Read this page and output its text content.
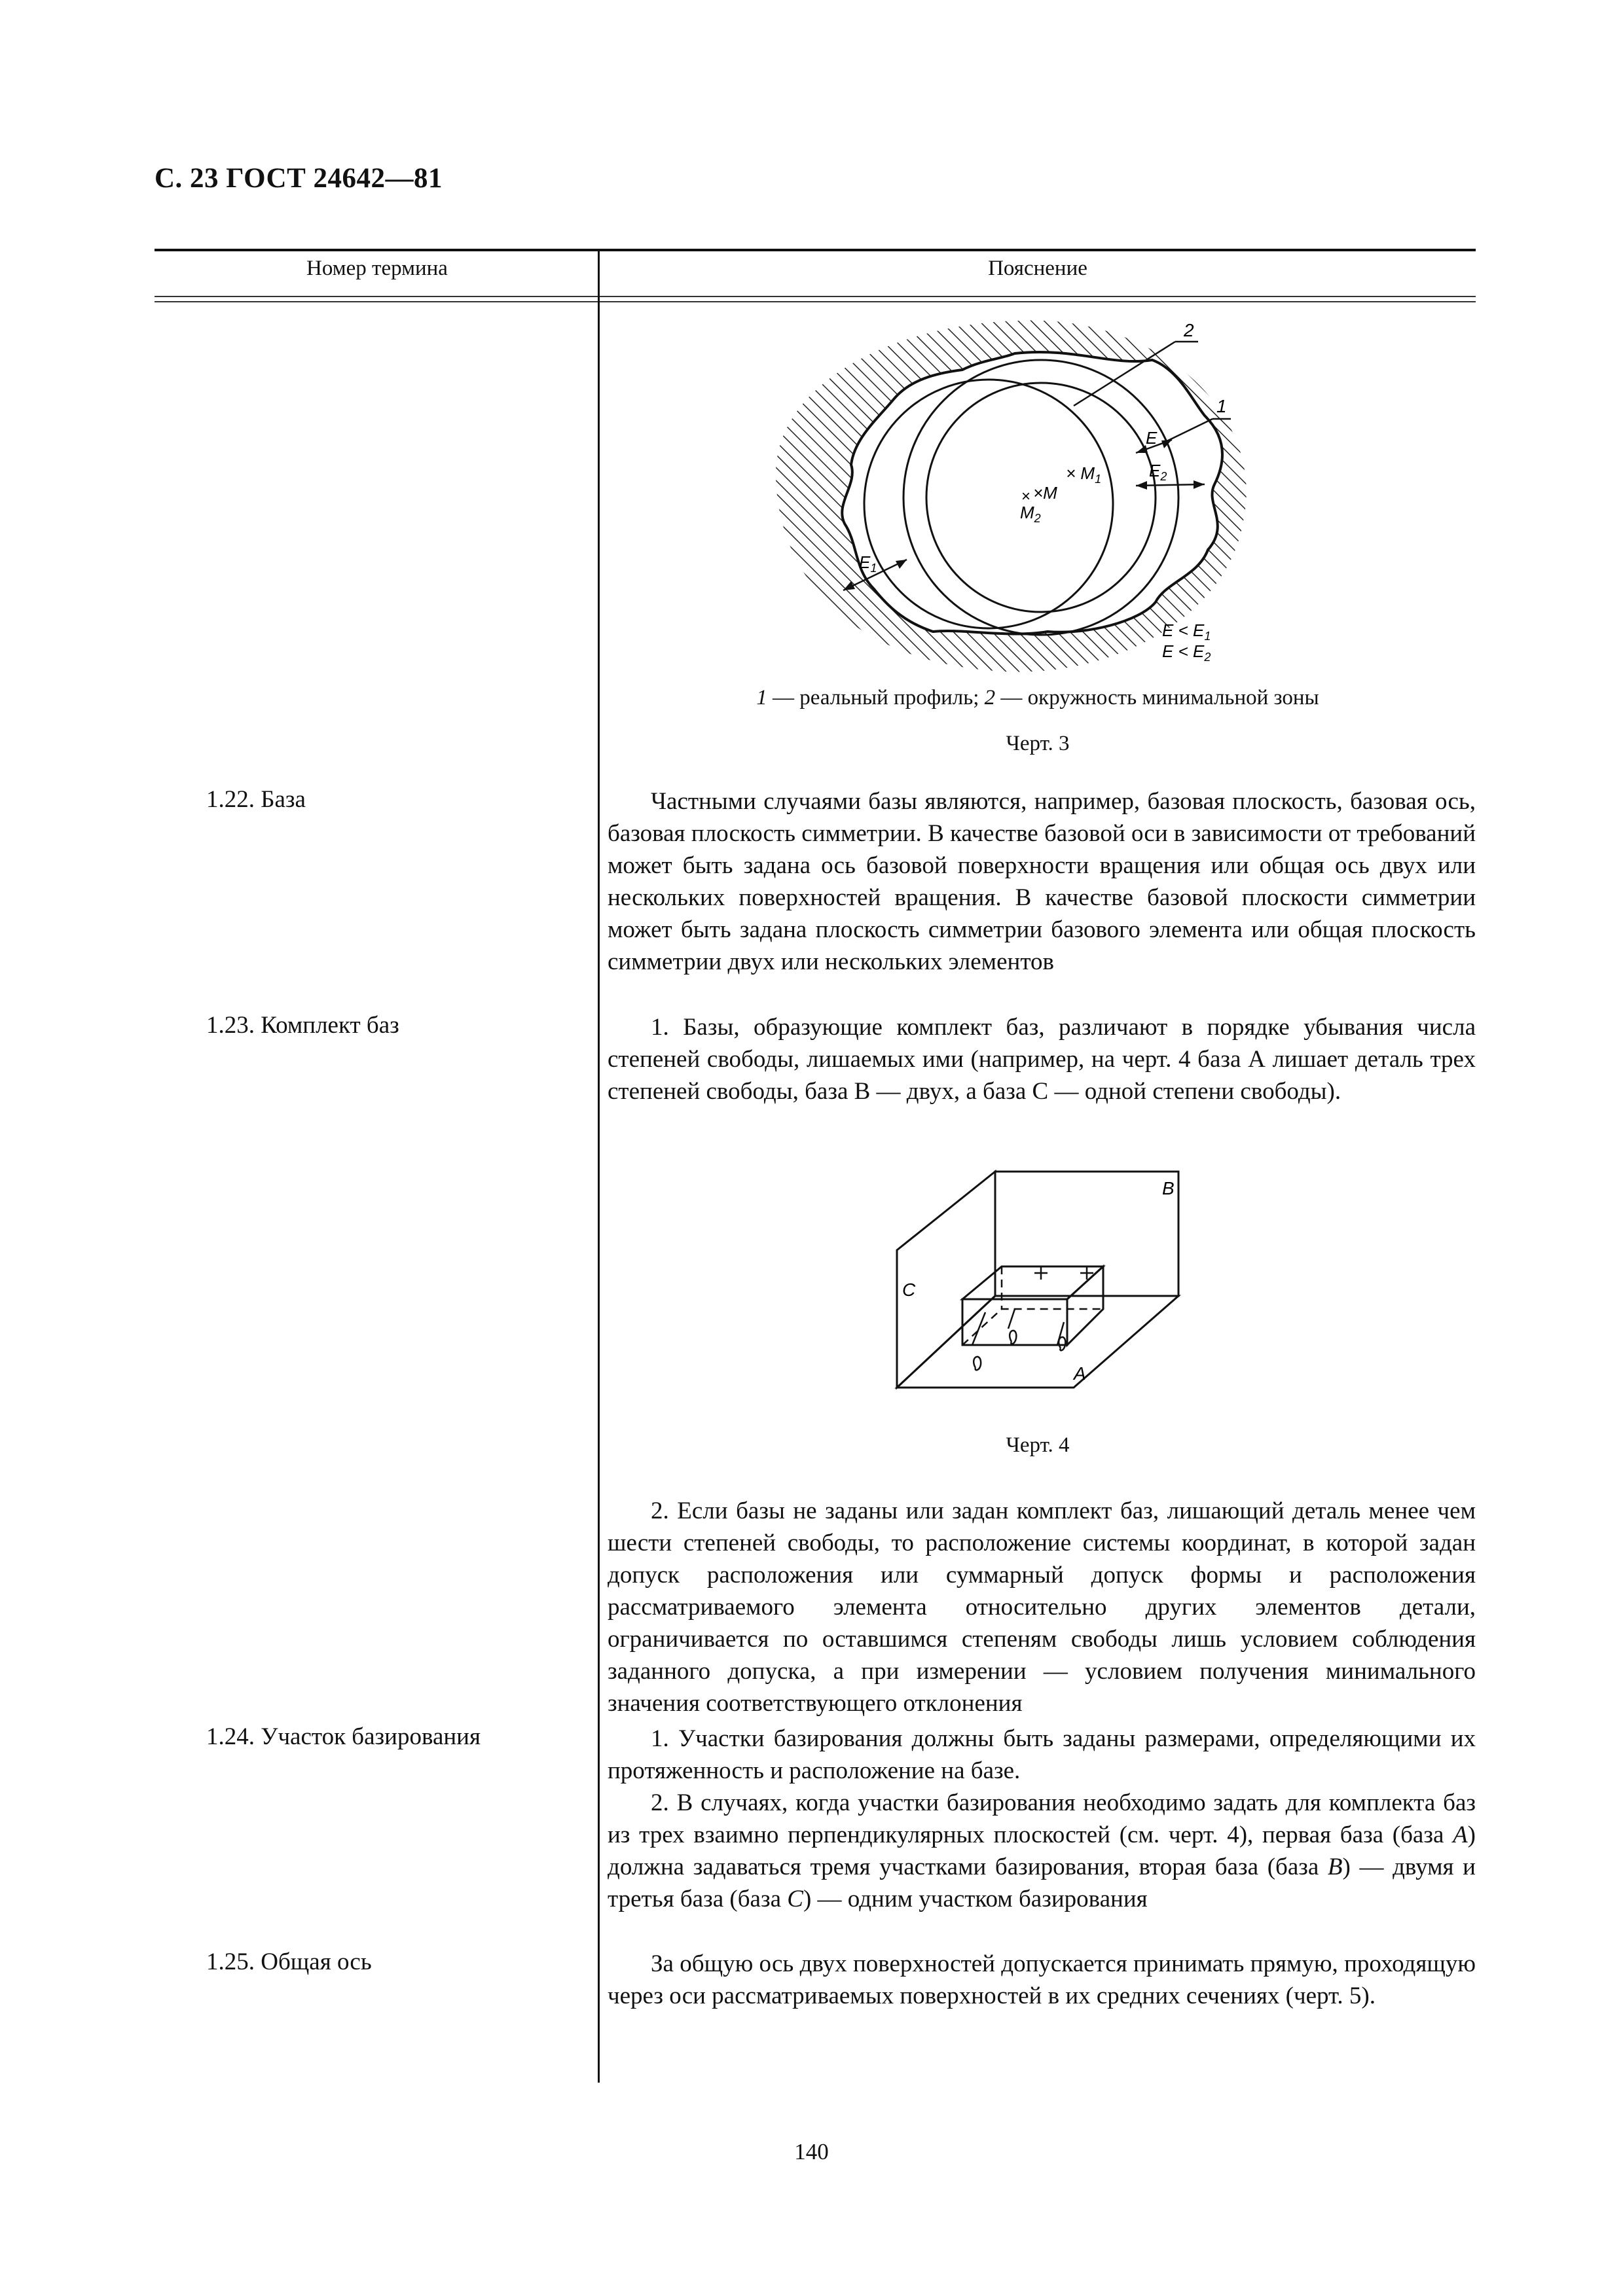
С. 23 ГОСТ 24642—81
Номер термина	Пояснение
2
1
E
$E_2$
$E_1$
× $M_1$
× ×M
$M_2$
$E < E_1$
$E < E_2$
1 — реальный профиль; 2 — окружность минимальной зоны
Черт. 3
1.22. База	Частными случаями базы являются, например, базовая плоскость, базовая ось, базовая плоскость симметрии. В качестве базовой оси в зависимости от требований может быть задана ось базовой поверхности вращения или общая ось двух или нескольких поверхностей вращения. В качестве базовой плоскости симметрии может быть задана плоскость симметрии базового элемента или общая плоскость симметрии двух или нескольких элементов
1.23. Комплект баз	1. Базы, образующие комплект баз, различают в порядке убывания числа степеней свободы, лишаемых ими (например, на черт. 4 база А лишает деталь трех степеней свободы, база В — двух, а база С — одной степени свободы).
B
C
A
Черт. 4
2. Если базы не заданы или задан комплект баз, лишающий деталь менее чем шести степеней свободы, то расположение системы координат, в которой задан допуск расположения или суммарный допуск формы и расположения рассматриваемого элемента относительно других элементов детали, ограничивается по оставшимся степеням свободы лишь условием соблюдения заданного допуска, а при измерении — условием получения минимального значения соответствующего отклонения
1.24. Участок базирования	1. Участки базирования должны быть заданы размерами, определяющими их протяженность и расположение на базе.
2. В случаях, когда участки базирования необходимо задать для комплекта баз из трех взаимно перпендикулярных плоскостей (см. черт. 4), первая база (база A) должна задаваться тремя участками базирования, вторая база (база B) — двумя и третья база (база C) — одним участком базирования
1.25. Общая ось	За общую ось двух поверхностей допускается принимать прямую, проходящую через оси рассматриваемых поверхностей в их средних сечениях (черт. 5).
140
